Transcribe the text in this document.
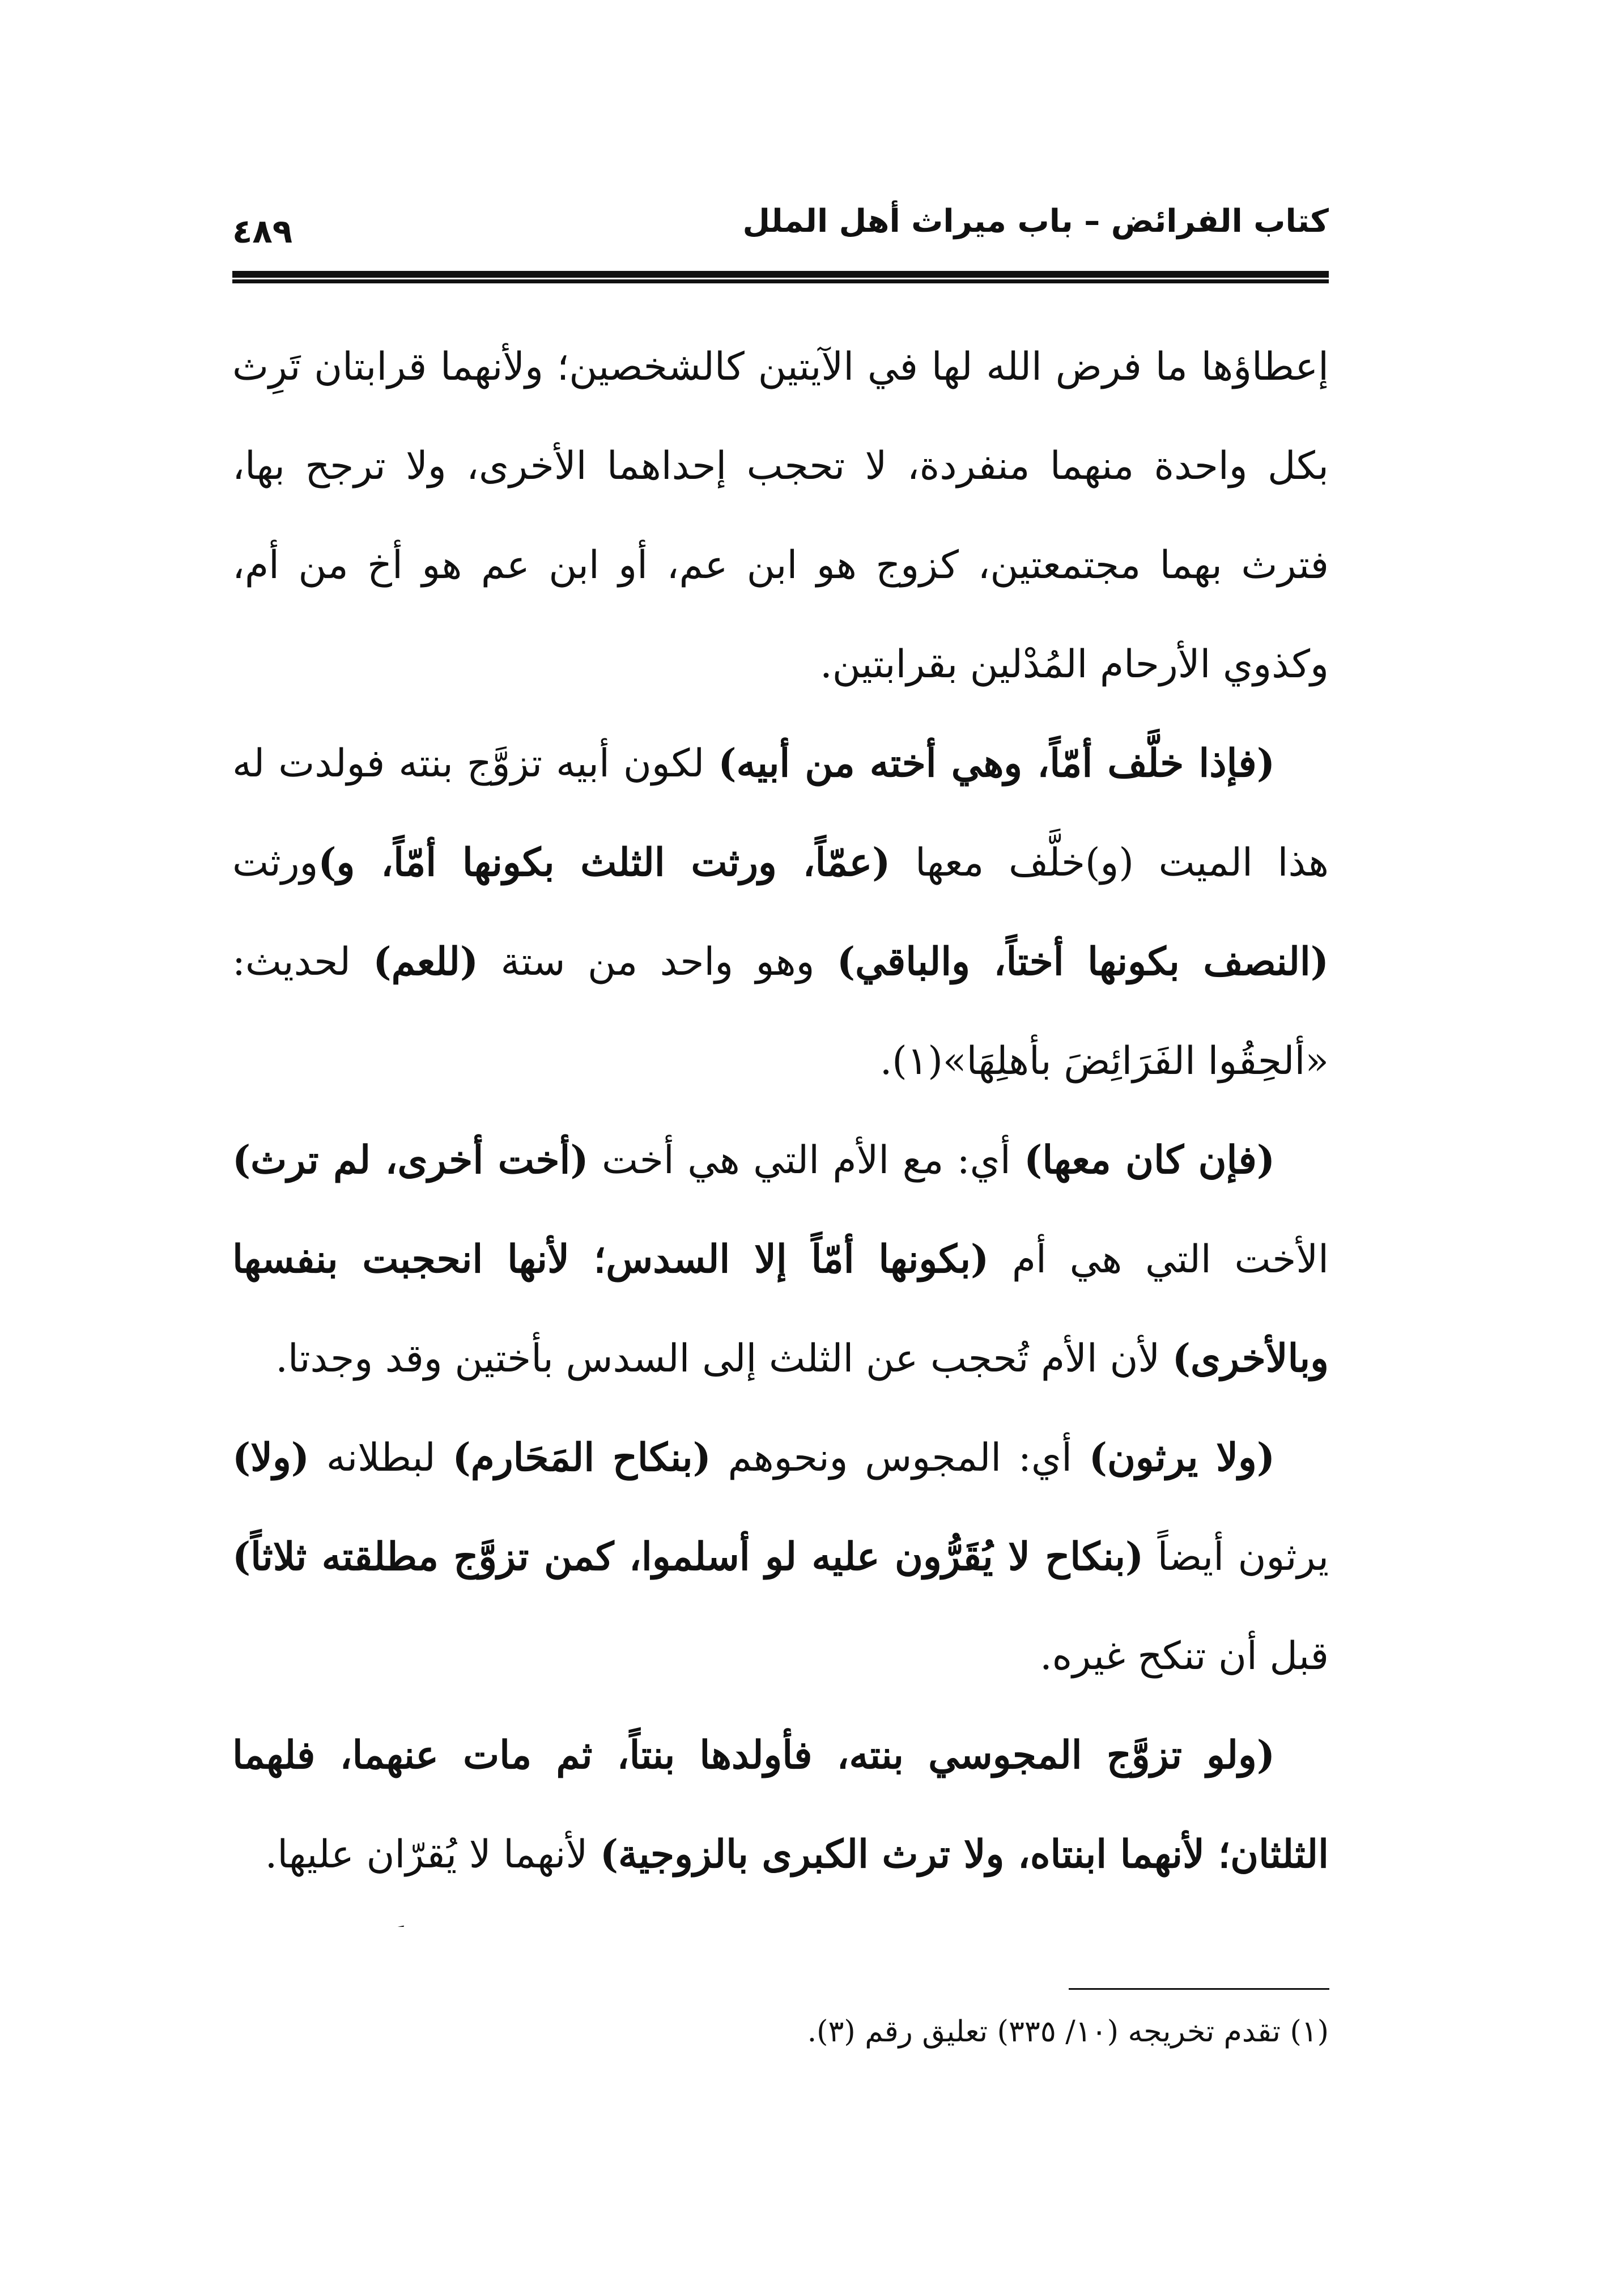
كتاب الفرائض – باب ميراث أهل الملل
٤٨٩

إعطاؤها ما فرض الله لها في الآيتين كالشخصين؛ ولأنهما قرابتان تَرِث بكل واحدة منهما منفردة، لا تحجب إحداهما الأخرى، ولا ترجح بها، فترث بهما مجتمعتين، كزوج هو ابن عم، أو ابن عم هو أخ من أم، وكذوي الأرحام المُدْلين بقرابتين.

(فإذا خلَّف أمّاً، وهي أخته من أبيه) لكون أبيه تزوَّج بنته فولدت له هذا الميت (و)خلَّف معها (عمّاً، ورثت الثلث بكونها أمّاً، و)ورثت (النصف بكونها أختاً، والباقي) وهو واحد من ستة (للعم) لحديث: «ألحِقُوا الفَرَائِضَ بأهلِهَا»(١).

(فإن كان معها) أي: مع الأم التي هي أخت (أخت أخرى، لم ترث) الأخت التي هي أم (بكونها أمّاً إلا السدس؛ لأنها انحجبت بنفسها وبالأخرى) لأن الأم تُحجب عن الثلث إلى السدس بأختين وقد وجدتا.

(ولا يرثون) أي: المجوس ونحوهم (بنكاح المَحَارم) لبطلانه (ولا) يرثون أيضاً (بنكاح لا يُقَرُّون عليه لو أسلموا، كمن تزوَّج مطلقته ثلاثاً) قبل أن تنكح غيره.

(ولو تزوَّج المجوسي بنته، فأولدها بنتاً، ثم مات عنهما، فلهما الثلثان؛ لأنهما ابنتاه، ولا ترث الكبرى بالزوجية) لأنهما لا يُقرّان عليها.

(١) تقدم تخريجه (١٠/ ٣٣٥) تعليق رقم (٣).
